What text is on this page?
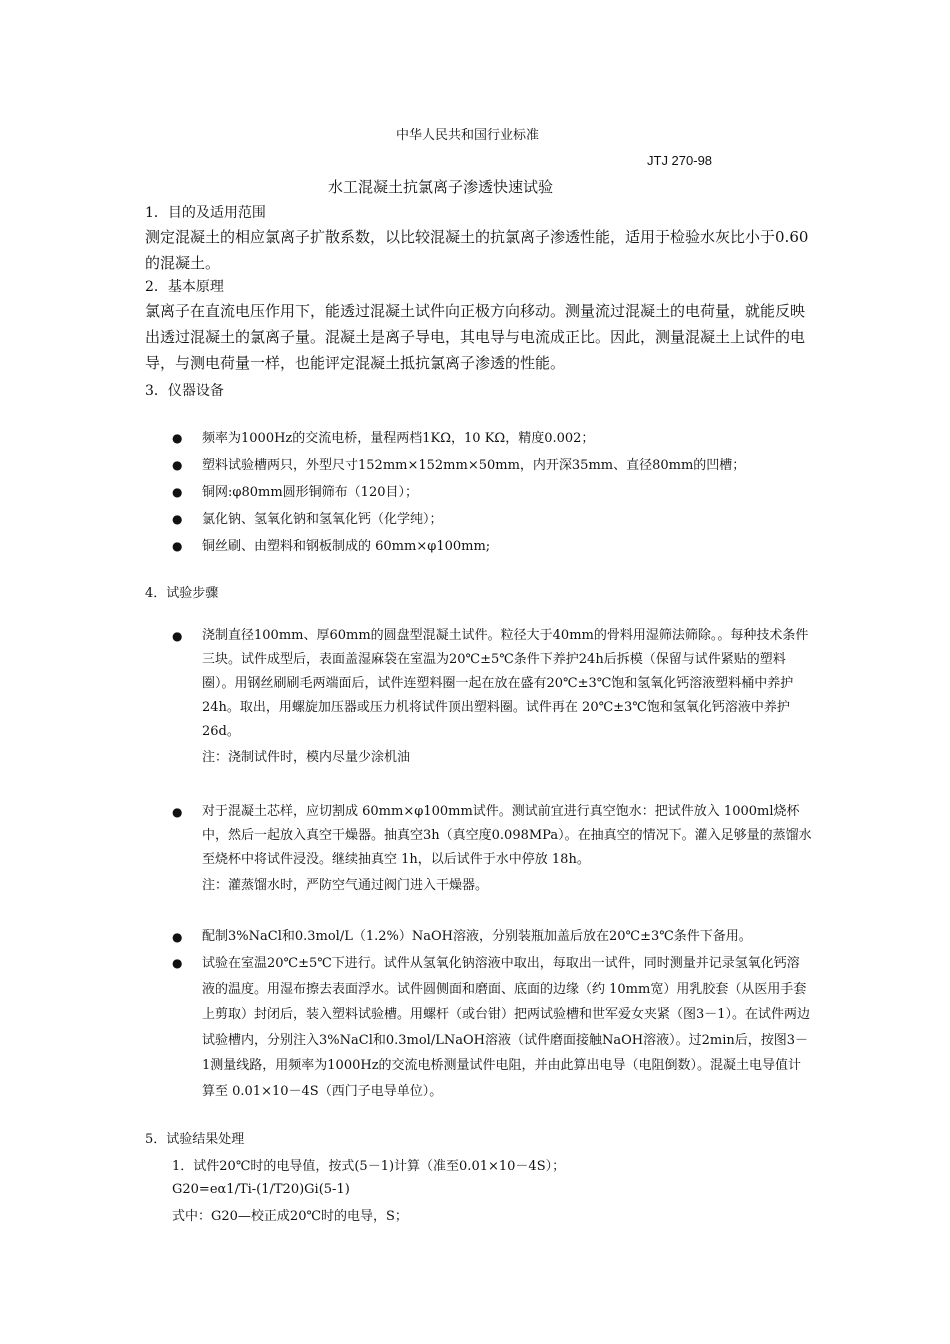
中华人民共和国行业标准
JTJ 270-98
水工混凝土抗氯离子渗透快速试验
1．目的及适用范围
测定混凝土的相应氯离子扩散系数，以比较混凝土的抗氯离子渗透性能，适用于检验水灰比小于0.60的混凝土。
2．基本原理
氯离子在直流电压作用下，能透过混凝土试件向正极方向移动。测量流过混凝土的电荷量，就能反映出透过混凝土的氯离子量。混凝土是离子导电，其电导与电流成正比。因此，测量混凝土上试件的电导，与测电荷量一样，也能评定混凝土抵抗氯离子渗透的性能。
3．仪器设备
● 频率为1000Hz的交流电桥，量程两档1KΩ，10 KΩ，精度0.002；
● 塑料试验槽两只，外型尺寸152mm×152mm×50mm，内开深35mm、直径80mm的凹槽；
● 铜网:φ80mm圆形铜筛布（120目）；
● 氯化钠、氢氧化钠和氢氧化钙（化学纯）；
● 铜丝刷、由塑料和钢板制成的 60mm×φ100mm;
4．试验步骤
● 浇制直径100mm、厚60mm的圆盘型混凝土试件。粒径大于40mm的骨料用湿筛法筛除。。每种技术条件三块。试件成型后，表面盖湿麻袋在室温为20℃±5℃条件下养护24h后拆模（保留与试件紧贴的塑料圈）。用钢丝刷刷毛两端面后，试件连塑料圈一起在放在盛有20℃±3℃饱和氢氧化钙溶液塑料桶中养护24h。取出，用螺旋加压器或压力机将试件顶出塑料圈。试件再在 20℃±3℃饱和氢氧化钙溶液中养护 26d。
注：浇制试件时，模内尽量少涂机油
● 对于混凝土芯样，应切割成 60mm×φ100mm试件。测试前宜进行真空饱水：把试件放入 1000ml烧杯中，然后一起放入真空干燥器。抽真空3h（真空度0.098MPa）。在抽真空的情况下。灌入足够量的蒸馏水至烧杯中将试件浸没。继续抽真空 1h，以后试件于水中停放 18h。
注：灌蒸馏水时，严防空气通过阀门进入干燥器。
● 配制3%NaCl和0.3mol/L（1.2%）NaOH溶液，分别装瓶加盖后放在20℃±3℃条件下备用。
● 试验在室温20℃±5℃下进行。试件从氢氧化钠溶液中取出，每取出一试件，同时测量并记录氢氧化钙溶液的温度。用湿布擦去表面浮水。试件圆侧面和磨面、底面的边缘（约 10mm宽）用乳胶套（从医用手套上剪取）封闭后，装入塑料试验槽。用螺杆（或台钳）把两试验槽和世军爱女夹紧（图3－1）。在试件两边试验槽内，分别注入3%NaCl和0.3mol/LNaOH溶液（试件磨面接触NaOH溶液）。过2min后，按图3－1测量线路，用频率为1000Hz的交流电桥测量试件电阻，并由此算出电导（电阻倒数）。混凝土电导值计算至 0.01×10－4S（西门子电导单位）。
5．试验结果处理
1．试件20℃时的电导值，按式(5－1)计算（准至0.01×10－4S）；
G20=eα1/Ti-(1/T20)Gi(5-1)
式中：G20—校正成20℃时的电导，S；
